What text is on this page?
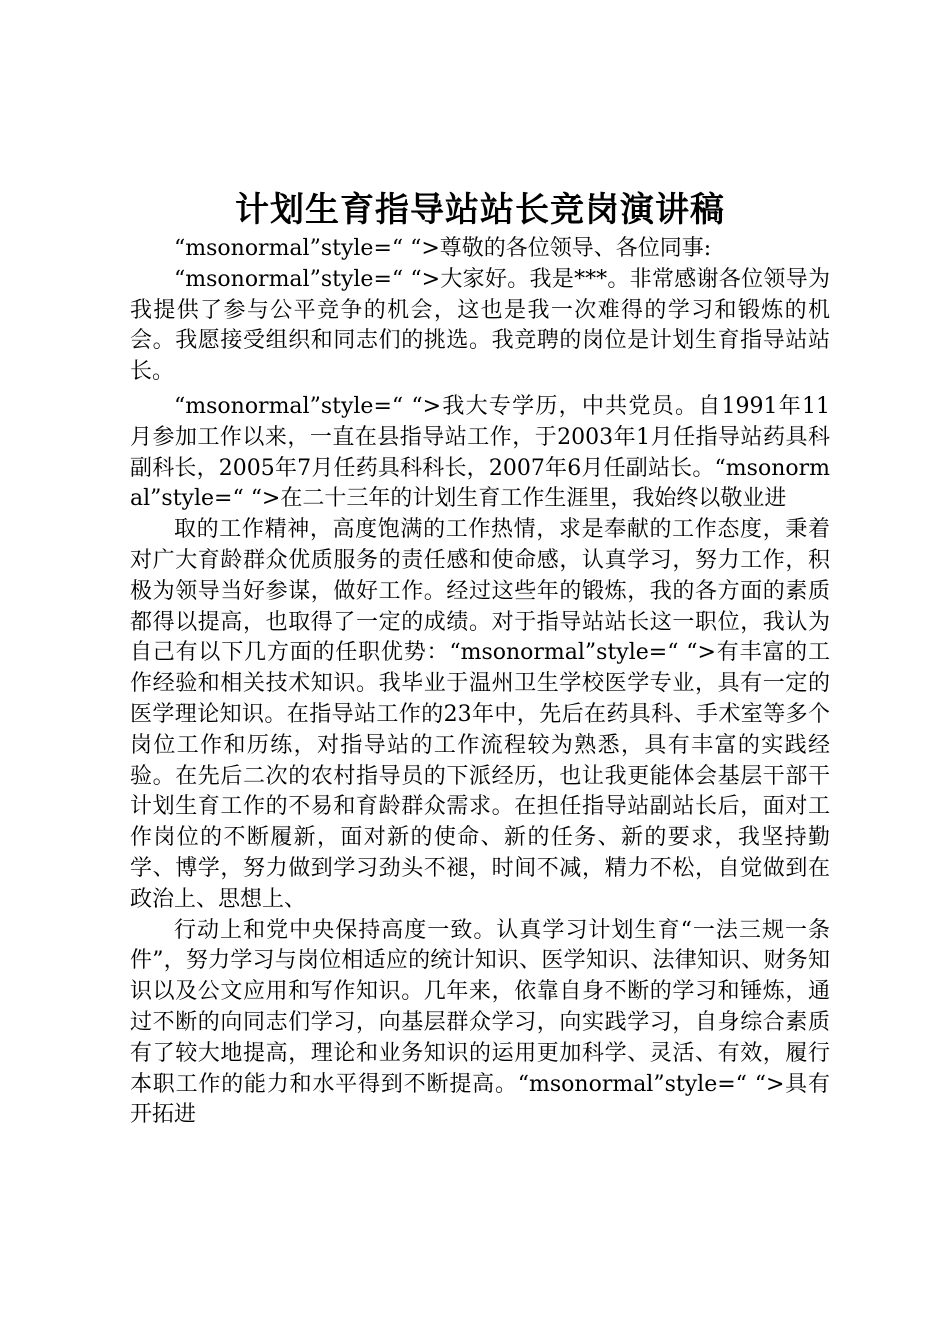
计划生育指导站站长竞岗演讲稿

“msonormal”style=“ “>尊敬的各位领导、各位同事:

“msonormal”style=“ “>大家好。我是***。非常感谢各位领导为我提供了参与公平竞争的机会，这也是我一次难得的学习和锻炼的机会。我愿接受组织和同志们的挑选。我竞聘的岗位是计划生育指导站站长。

“msonormal”style=“ “>我大专学历，中共党员。自1991年11月参加工作以来，一直在县指导站工作，于2003年1月任指导站药具科副科长，2005年7月任药具科科长，2007年6月任副站长。“msonormal”style=“ “>在二十三年的计划生育工作生涯里，我始终以敬业进

取的工作精神，高度饱满的工作热情，求是奉献的工作态度，秉着对广大育龄群众优质服务的责任感和使命感，认真学习，努力工作，积极为领导当好参谋，做好工作。经过这些年的锻炼，我的各方面的素质都得以提高，也取得了一定的成绩。对于指导站站长这一职位，我认为自己有以下几方面的任职优势：“msonormal”style=“ “>有丰富的工作经验和相关技术知识。我毕业于温州卫生学校医学专业，具有一定的医学理论知识。在指导站工作的23年中，先后在药具科、手术室等多个岗位工作和历练，对指导站的工作流程较为熟悉，具有丰富的实践经验。在先后二次的农村指导员的下派经历，也让我更能体会基层干部干计划生育工作的不易和育龄群众需求。在担任指导站副站长后，面对工作岗位的不断履新，面对新的使命、新的任务、新的要求，我坚持勤学、博学，努力做到学习劲头不褪，时间不减，精力不松，自觉做到在政治上、思想上、

行动上和党中央保持高度一致。认真学习计划生育“一法三规一条件”，努力学习与岗位相适应的统计知识、医学知识、法律知识、财务知识以及公文应用和写作知识。几年来，依靠自身不断的学习和锤炼，通过不断的向同志们学习，向基层群众学习，向实践学习，自身综合素质有了较大地提高，理论和业务知识的运用更加科学、灵活、有效，履行本职工作的能力和水平得到不断提高。“msonormal”style=“ “>具有开拓进
